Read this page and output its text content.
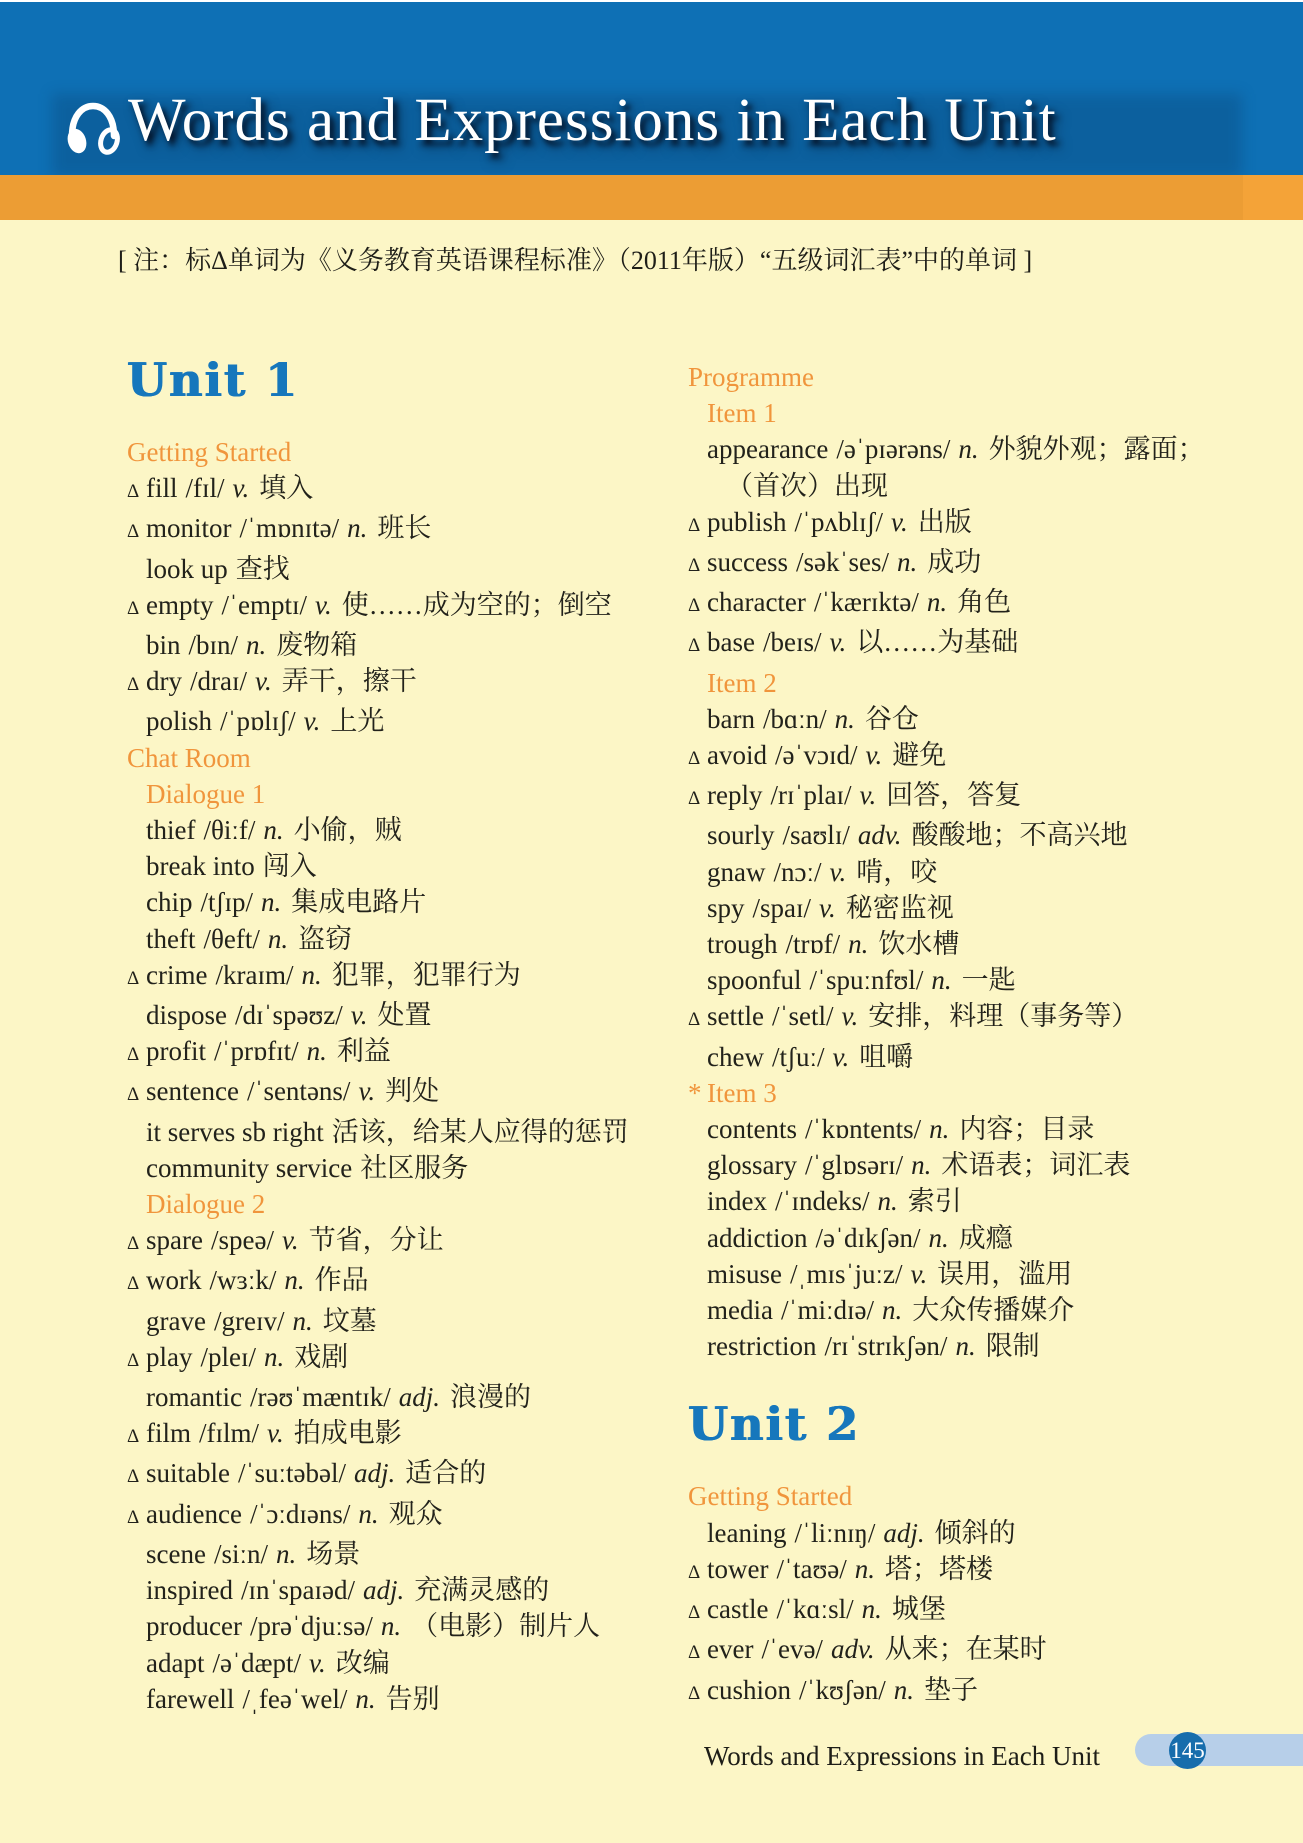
Words and Expressions in Each Unit
[ 注：标Δ单词为《义务教育英语课程标准》（2011年版）“五级词汇表”中的单词 ]
Unit 1
Getting Started
Δ fill /fɪl/ v. 填入
Δ monitor /ˈmɒnɪtə/ n. 班长
look up 查找
Δ empty /ˈemptɪ/ v. 使……成为空的；倒空
bin /bɪn/ n. 废物箱
Δ dry /draɪ/ v. 弄干，擦干
polish /ˈpɒlɪʃ/ v. 上光
Chat Room
Dialogue 1
thief /θiːf/ n. 小偷，贼
break into 闯入
chip /tʃɪp/ n. 集成电路片
theft /θeft/ n. 盗窃
Δ crime /kraɪm/ n. 犯罪，犯罪行为
dispose /dɪˈspəʊz/ v. 处置
Δ profit /ˈprɒfɪt/ n. 利益
Δ sentence /ˈsentəns/ v. 判处
it serves sb right 活该，给某人应得的惩罚
community service 社区服务
Dialogue 2
Δ spare /speə/ v. 节省，分让
Δ work /wɜːk/ n. 作品
grave /greɪv/ n. 坟墓
Δ play /pleɪ/ n. 戏剧
romantic /rəʊˈmæntɪk/ adj. 浪漫的
Δ film /fɪlm/ v. 拍成电影
Δ suitable /ˈsuːtəbəl/ adj. 适合的
Δ audience /ˈɔːdɪəns/ n. 观众
scene /siːn/ n. 场景
inspired /ɪnˈspaɪəd/ adj. 充满灵感的
producer /prəˈdjuːsə/ n. （电影）制片人
adapt /əˈdæpt/ v. 改编
farewell /ˌfeəˈwel/ n. 告别
Programme
Item 1
appearance /əˈpɪərəns/ n. 外貌外观；露面；
（首次）出现
Δ publish /ˈpʌblɪʃ/ v. 出版
Δ success /səkˈses/ n. 成功
Δ character /ˈkærɪktə/ n. 角色
Δ base /beɪs/ v. 以……为基础
Item 2
barn /bɑːn/ n. 谷仓
Δ avoid /əˈvɔɪd/ v. 避免
Δ reply /rɪˈplaɪ/ v. 回答，答复
sourly /saʊlɪ/ adv. 酸酸地；不高兴地
gnaw /nɔː/ v. 啃，咬
spy /spaɪ/ v. 秘密监视
trough /trɒf/ n. 饮水槽
spoonful /ˈspuːnfʊl/ n. 一匙
Δ settle /ˈsetl/ v. 安排，料理（事务等）
chew /tʃuː/ v. 咀嚼
* Item 3
contents /ˈkɒntents/ n. 内容；目录
glossary /ˈglɒsərɪ/ n. 术语表；词汇表
index /ˈɪndeks/ n. 索引
addiction /əˈdɪkʃən/ n. 成瘾
misuse /ˌmɪsˈjuːz/ v. 误用，滥用
media /ˈmiːdɪə/ n. 大众传播媒介
restriction /rɪˈstrɪkʃən/ n. 限制
Unit 2
Getting Started
leaning /ˈliːnɪŋ/ adj. 倾斜的
Δ tower /ˈtaʊə/ n. 塔；塔楼
Δ castle /ˈkɑːsl/ n. 城堡
Δ ever /ˈevə/ adv. 从来；在某时
Δ cushion /ˈkʊʃən/ n. 垫子
Words and Expressions in Each Unit	145
